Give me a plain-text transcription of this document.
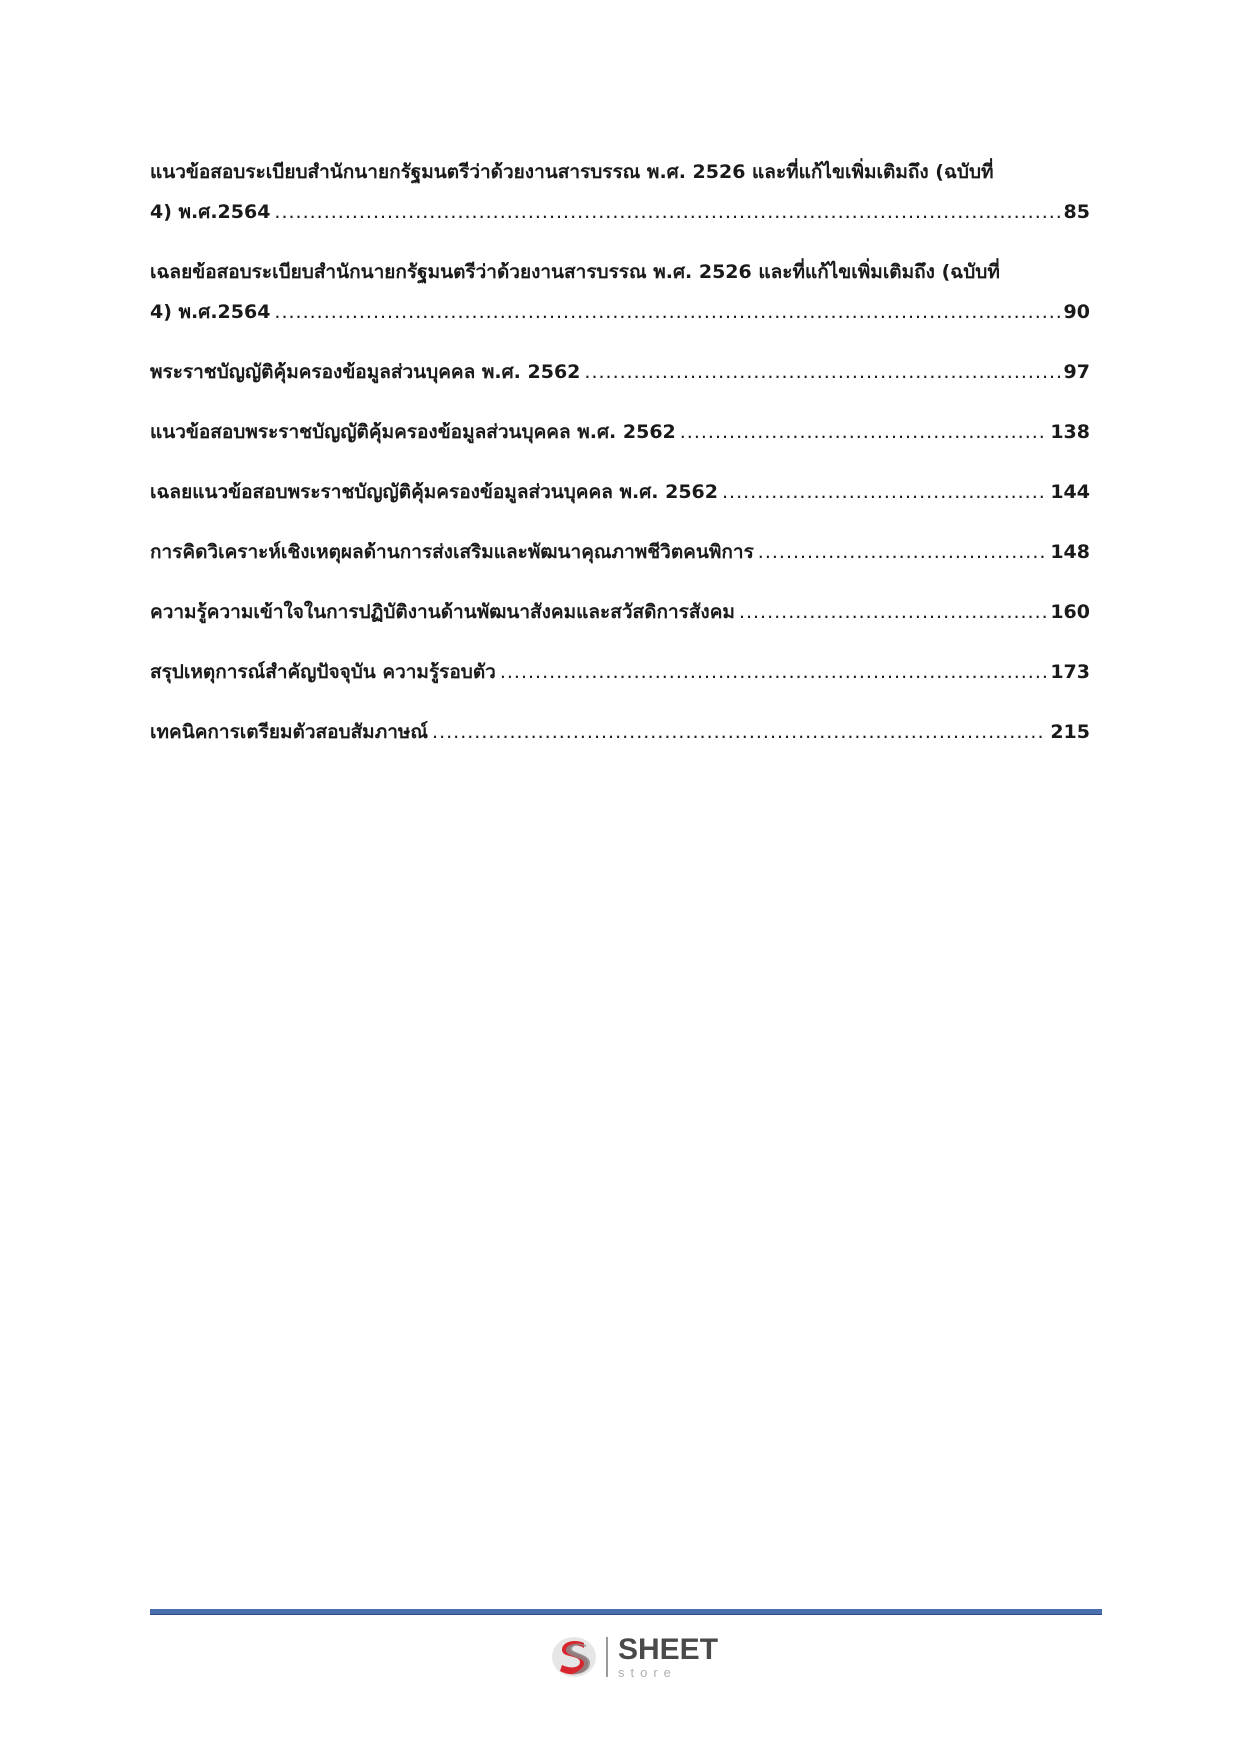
แนวข้อสอบระเบียบสำนักนายกรัฐมนตรีว่าด้วยงานสารบรรณ พ.ศ. 2526 และที่แก้ไขเพิ่มเติมถึง (ฉบับที่
4) พ.ศ.2564 .....	85
เฉลยข้อสอบระเบียบสำนักนายกรัฐมนตรีว่าด้วยงานสารบรรณ พ.ศ. 2526 และที่แก้ไขเพิ่มเติมถึง (ฉบับที่
4) พ.ศ.2564 .....	90
พระราชบัญญัติคุ้มครองข้อมูลส่วนบุคคล พ.ศ. 2562 .....	97
แนวข้อสอบพระราชบัญญัติคุ้มครองข้อมูลส่วนบุคคล พ.ศ. 2562 .....	138
เฉลยแนวข้อสอบพระราชบัญญัติคุ้มครองข้อมูลส่วนบุคคล พ.ศ. 2562 .....	144
การคิดวิเคราะห์เชิงเหตุผลด้านการส่งเสริมและพัฒนาคุณภาพชีวิตคนพิการ .....	148
ความรู้ความเข้าใจในการปฏิบัติงานด้านพัฒนาสังคมและสวัสดิการสังคม .....	160
สรุปเหตุการณ์สำคัญปัจจุบัน ความรู้รอบตัว .....	173
เทคนิคการเตรียมตัวสอบสัมภาษณ์ .....	215
SHEET
store
